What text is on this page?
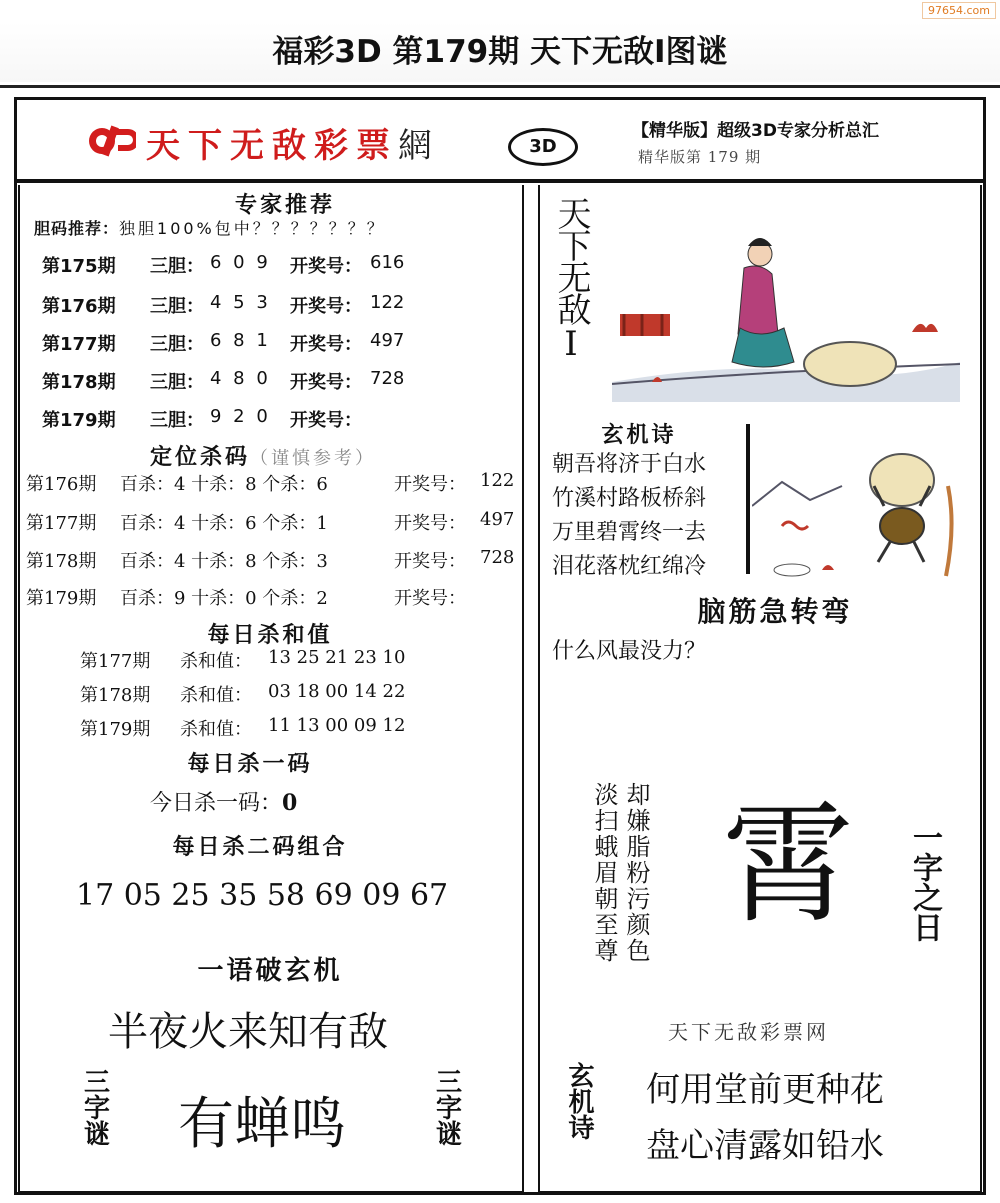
97654.com
福彩3D 第179期 天下无敌Ⅰ图谜
天下无敌彩票網	3D
【精华版】超级3D专家分析总汇
精华版第 179 期
专家推荐
胆码推荐：独胆100%包中？？？？？？？
第175期 三胆： 6 0 9 开奖号： 616
第176期 三胆： 4 5 3 开奖号： 122
第177期 三胆： 6 8 1 开奖号： 497
第178期 三胆： 4 8 0 开奖号： 728
第179期 三胆： 9 2 0 开奖号：
定位杀码（谨慎参考）
第176期 百杀：4 十杀：8 个杀：6	开奖号： 122
第177期 百杀：4 十杀：6 个杀：1	开奖号： 497
第178期 百杀：4 十杀：8 个杀：3	开奖号： 728
第179期 百杀：9 十杀：0 个杀：2	开奖号：
每日杀和值
第177期 杀和值： 13 25 21 23 10
第178期 杀和值： 03 18 00 14 22
第179期 杀和值： 11 13 00 09 12
每日杀一码
今日杀一码：0
每日杀二码组合
17 05 25 35 58 69 09 67
一语破玄机
半夜火来知有敌
三字谜 有蝉鸣	三字谜
天下无敌Ⅰ
玄机诗
朝吾将济于白水
竹溪村路板桥斜
万里碧霄终一去
泪花落枕红绵冷
脑筋急转弯
什么风最没力？
却嫌脂粉污颜色
淡扫蛾眉朝至尊 霄 一字之日
天下无敌彩票网
玄机诗 何用堂前更种花
盘心清露如铅水
